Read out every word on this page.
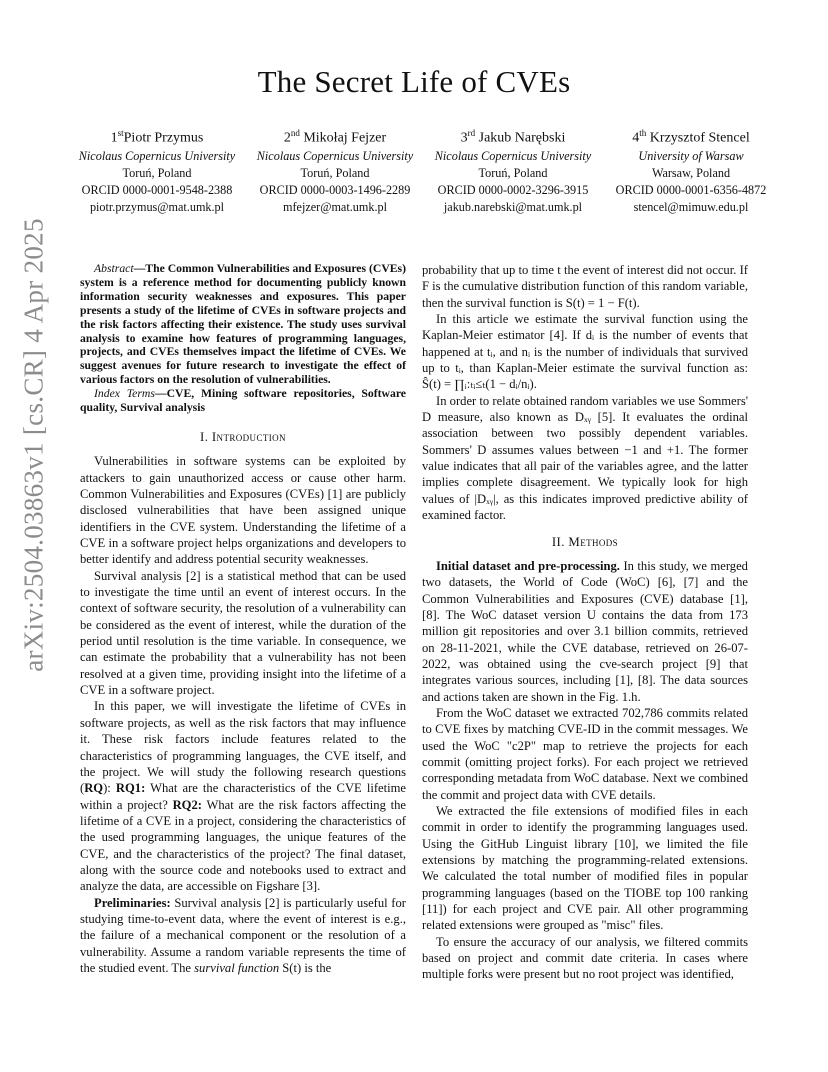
arXiv:2504.03863v1 [cs.CR] 4 Apr 2025
The Secret Life of CVEs
1stPiotr Przymus
Nicolaus Copernicus University
Toruń, Poland
ORCID 0000-0001-9548-2388
piotr.przymus@mat.umk.pl
2nd Mikołaj Fejzer
Nicolaus Copernicus University
Toruń, Poland
ORCID 0000-0003-1496-2289
mfejzer@mat.umk.pl
3rd Jakub Narębski
Nicolaus Copernicus University
Toruń, Poland
ORCID 0000-0002-3296-3915
jakub.narebski@mat.umk.pl
4th Krzysztof Stencel
University of Warsaw
Warsaw, Poland
ORCID 0000-0001-6356-4872
stencel@mimuw.edu.pl

Abstract—The Common Vulnerabilities and Exposures (CVEs) system is a reference method for documenting publicly known information security weaknesses and exposures. This paper presents a study of the lifetime of CVEs in software projects and the risk factors affecting their existence. The study uses survival analysis to examine how features of programming languages, projects, and CVEs themselves impact the lifetime of CVEs. We suggest avenues for future research to investigate the effect of various factors on the resolution of vulnerabilities.

Index Terms—CVE, Mining software repositories, Software quality, Survival analysis

I. Introduction

Vulnerabilities in software systems can be exploited by attackers to gain unauthorized access or cause other harm. Common Vulnerabilities and Exposures (CVEs) [1] are publicly disclosed vulnerabilities that have been assigned unique identifiers in the CVE system. Understanding the lifetime of a CVE in a software project helps organizations and developers to better identify and address potential security weaknesses.

Survival analysis [2] is a statistical method that can be used to investigate the time until an event of interest occurs. In the context of software security, the resolution of a vulnerability can be considered as the event of interest, while the duration of the period until resolution is the time variable. In consequence, we can estimate the probability that a vulnerability has not been resolved at a given time, providing insight into the lifetime of a CVE in a software project.

In this paper, we will investigate the lifetime of CVEs in software projects, as well as the risk factors that may influence it. These risk factors include features related to the characteristics of programming languages, the CVE itself, and the project. We will study the following research questions (RQ): RQ1: What are the characteristics of the CVE lifetime within a project? RQ2: What are the risk factors affecting the lifetime of a CVE in a project, considering the characteristics of the used programming languages, the unique features of the CVE, and the characteristics of the project? The final dataset, along with the source code and notebooks used to extract and analyze the data, are accessible on Figshare [3].

Preliminaries: Survival analysis [2] is particularly useful for studying time-to-event data, where the event of interest is e.g., the failure of a mechanical component or the resolution of a vulnerability. Assume a random variable represents the time of the studied event. The survival function S(t) is the

probability that up to time t the event of interest did not occur. If F is the cumulative distribution function of this random variable, then the survival function is S(t) = 1 − F(t).

In this article we estimate the survival function using the Kaplan-Meier estimator [4]. If dᵢ is the number of events that happened at tᵢ, and nᵢ is the number of individuals that survived up to tᵢ, than Kaplan-Meier estimate the survival function as: Ŝ(t) = ∏ᵢ:ₜᵢ≤ₜ(1 − dᵢ/nᵢ).

In order to relate obtained random variables we use Sommers' D measure, also known as Dₓᵧ [5]. It evaluates the ordinal association between two possibly dependent variables. Sommers' D assumes values between −1 and +1. The former value indicates that all pair of the variables agree, and the latter implies complete disagreement. We typically look for high values of |Dₓᵧ|, as this indicates improved predictive ability of examined factor.

II. Methods

Initial dataset and pre-processing. In this study, we merged two datasets, the World of Code (WoC) [6], [7] and the Common Vulnerabilities and Exposures (CVE) database [1], [8]. The WoC dataset version U contains the data from 173 million git repositories and over 3.1 billion commits, retrieved on 28-11-2021, while the CVE database, retrieved on 26-07-2022, was obtained using the cve-search project [9] that integrates various sources, including [1], [8]. The data sources and actions taken are shown in the Fig. 1.h.

From the WoC dataset we extracted 702,786 commits related to CVE fixes by matching CVE-ID in the commit messages. We used the WoC "c2P" map to retrieve the projects for each commit (omitting project forks). For each project we retrieved corresponding metadata from WoC database. Next we combined the commit and project data with CVE details.

We extracted the file extensions of modified files in each commit in order to identify the programming languages used. Using the GitHub Linguist library [10], we limited the file extensions by matching the programming-related extensions. We calculated the total number of modified files in popular programming languages (based on the TIOBE top 100 ranking [11]) for each project and CVE pair. All other programming related extensions were grouped as "misc" files.

To ensure the accuracy of our analysis, we filtered commits based on project and commit date criteria. In cases where multiple forks were present but no root project was identified,
